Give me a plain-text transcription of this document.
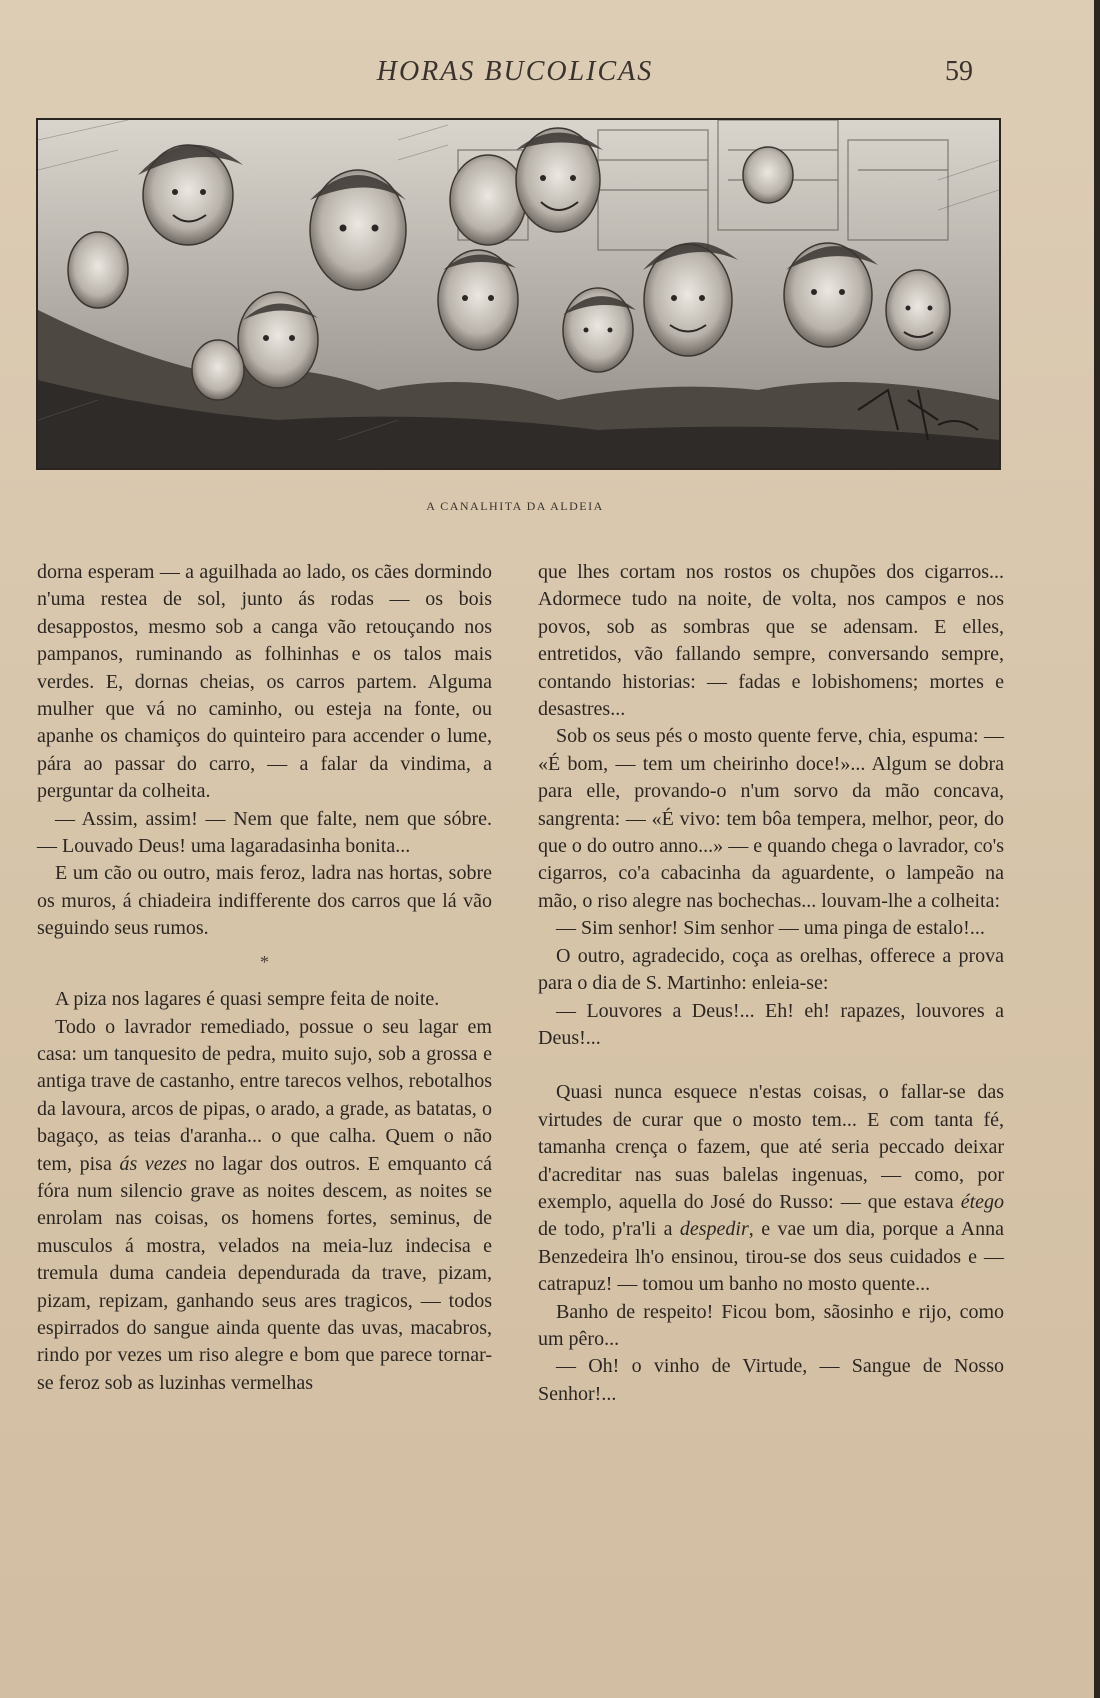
HORAS BUCOLICAS	59
A CANALHITA DA ALDEIA

dorna esperam — a aguilhada ao lado, os cães dormindo n'uma restea de sol, junto ás rodas — os bois desappostos, mesmo sob a canga vão retouçando nos pampanos, ruminando as folhinhas e os talos mais verdes. E, dornas cheias, os carros partem. Alguma mulher que vá no caminho, ou esteja na fonte, ou apanhe os chamiços do quinteiro para accender o lume, pára ao passar do carro, — a falar da vindima, a perguntar da colheita.

— Assim, assim! — Nem que falte, nem que sóbre. — Louvado Deus! uma lagaradasinha bonita...

E um cão ou outro, mais feroz, ladra nas hortas, sobre os muros, á chiadeira indifferente dos carros que lá vão seguindo seus rumos.

*

A piza nos lagares é quasi sempre feita de noite.

Todo o lavrador remediado, possue o seu lagar em casa: um tanquesito de pedra, muito sujo, sob a grossa e antiga trave de castanho, entre tarecos velhos, rebotalhos da lavoura, arcos de pipas, o arado, a grade, as batatas, o bagaço, as teias d'aranha... o que calha. Quem o não tem, pisa ás vezes no lagar dos outros. E emquanto cá fóra num silencio grave as noites descem, as noites se enrolam nas coisas, os homens fortes, seminus, de musculos á mostra, velados na meia-luz indecisa e tremula duma candeia dependurada da trave, pizam, pizam, repizam, ganhando seus ares tragicos, — todos espirrados do sangue ainda quente das uvas, macabros, rindo por vezes um riso alegre e bom que parece tornar-se feroz sob as luzinhas vermelhas

que lhes cortam nos rostos os chupões dos cigarros... Adormece tudo na noite, de volta, nos campos e nos povos, sob as sombras que se adensam. E elles, entretidos, vão fallando sempre, conversando sempre, contando historias: — fadas e lobishomens; mortes e desastres...

Sob os seus pés o mosto quente ferve, chia, espuma: — «É bom, — tem um cheirinho doce!»... Algum se dobra para elle, provando-o n'um sorvo da mão concava, sangrenta: — «É vivo: tem bôa tempera, melhor, peor, do que o do outro anno...» — e quando chega o lavrador, co's cigarros, co'a cabacinha da aguardente, o lampeão na mão, o riso alegre nas bochechas... louvam-lhe a colheita:

— Sim senhor! Sim senhor — uma pinga de estalo!...

O outro, agradecido, coça as orelhas, offerece a prova para o dia de S. Martinho: enleia-se:

— Louvores a Deus!... Eh! eh! rapazes, louvores a Deus!...

Quasi nunca esquece n'estas coisas, o fallar-se das virtudes de curar que o mosto tem... E com tanta fé, tamanha crença o fazem, que até seria peccado deixar d'acreditar nas suas balelas ingenuas, — como, por exemplo, aquella do José do Russo: — que estava étego de todo, p'ra'li a despedir, e vae um dia, porque a Anna Benzedeira lh'o ensinou, tirou-se dos seus cuidados e — catrapuz! — tomou um banho no mosto quente...

Banho de respeito! Ficou bom, sãosinho e rijo, como um pêro...

— Oh! o vinho de Virtude, — Sangue de Nosso Senhor!...
